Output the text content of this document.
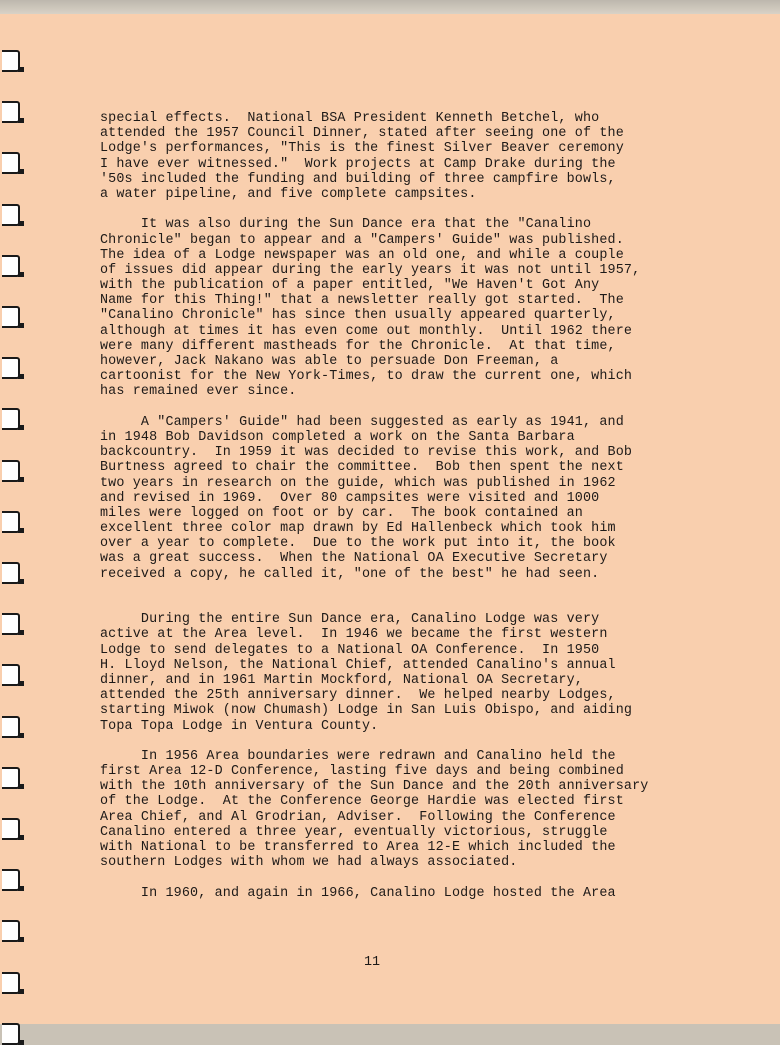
special effects.  National BSA President Kenneth Betchel, who
attended the 1957 Council Dinner, stated after seeing one of the
Lodge's performances, "This is the finest Silver Beaver ceremony
I have ever witnessed."  Work projects at Camp Drake during the
'50s included the funding and building of three campfire bowls,
a water pipeline, and five complete campsites.
It was also during the Sun Dance era that the "Canalino
Chronicle" began to appear and a "Campers' Guide" was published.
The idea of a Lodge newspaper was an old one, and while a couple
of issues did appear during the early years it was not until 1957,
with the publication of a paper entitled, "We Haven't Got Any
Name for this Thing!" that a newsletter really got started.  The
"Canalino Chronicle" has since then usually appeared quarterly,
although at times it has even come out monthly.  Until 1962 there
were many different mastheads for the Chronicle.  At that time,
however, Jack Nakano was able to persuade Don Freeman, a
cartoonist for the New York-Times, to draw the current one, which
has remained ever since.
A "Campers' Guide" had been suggested as early as 1941, and
in 1948 Bob Davidson completed a work on the Santa Barbara
backcountry.  In 1959 it was decided to revise this work, and Bob
Burtness agreed to chair the committee.  Bob then spent the next
two years in research on the guide, which was published in 1962
and revised in 1969.  Over 80 campsites were visited and 1000
miles were logged on foot or by car.  The book contained an
excellent three color map drawn by Ed Hallenbeck which took him
over a year to complete.  Due to the work put into it, the book
was a great success.  When the National OA Executive Secretary
received a copy, he called it, "one of the best" he had seen.
During the entire Sun Dance era, Canalino Lodge was very
active at the Area level.  In 1946 we became the first western
Lodge to send delegates to a National OA Conference.  In 1950
H. Lloyd Nelson, the National Chief, attended Canalino's annual
dinner, and in 1961 Martin Mockford, National OA Secretary,
attended the 25th anniversary dinner.  We helped nearby Lodges,
starting Miwok (now Chumash) Lodge in San Luis Obispo, and aiding
Topa Topa Lodge in Ventura County.
In 1956 Area boundaries were redrawn and Canalino held the
first Area 12-D Conference, lasting five days and being combined
with the 10th anniversary of the Sun Dance and the 20th anniversary
of the Lodge.  At the Conference George Hardie was elected first
Area Chief, and Al Grodrian, Adviser.  Following the Conference
Canalino entered a three year, eventually victorious, struggle
with National to be transferred to Area 12-E which included the
southern Lodges with whom we had always associated.
In 1960, and again in 1966, Canalino Lodge hosted the Area
11
